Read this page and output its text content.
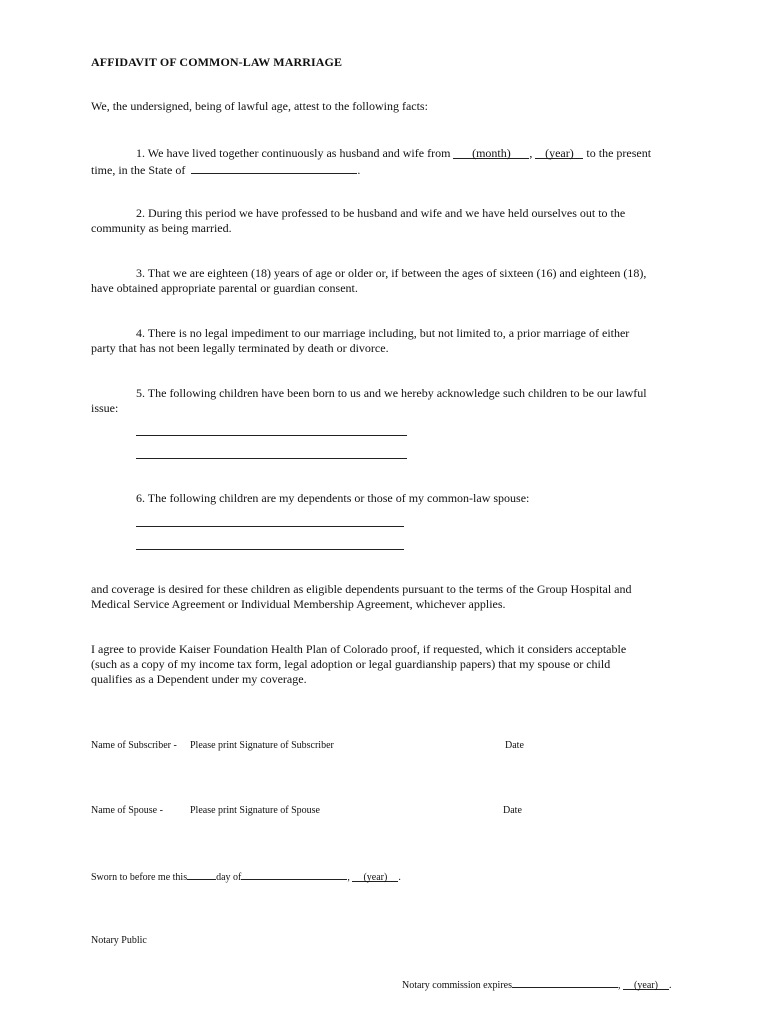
AFFIDAVIT OF COMMON-LAW MARRIAGE
We, the undersigned, being of lawful age, attest to the following facts:
1. We have lived together continuously as husband and wife from (month) , (year) to the present
time, in the State of	.
2. During this period we have professed to be husband and wife and we have held ourselves out to the
community as being married.
3. That we are eighteen (18) years of age or older or, if between the ages of sixteen (16) and eighteen (18),
have obtained appropriate parental or guardian consent.
4. There is no legal impediment to our marriage including, but not limited to, a prior marriage of either
party that has not been legally terminated by death or divorce.
5. The following children have been born to us and we hereby acknowledge such children to be our lawful
issue:
6. The following children are my dependents or those of my common-law spouse:
and coverage is desired for these children as eligible dependents pursuant to the terms of the Group Hospital and
Medical Service Agreement or Individual Membership Agreement, whichever applies.
I agree to provide Kaiser Foundation Health Plan of Colorado proof, if requested, which it considers acceptable
(such as a copy of my income tax form, legal adoption or legal guardianship papers) that my spouse or child
qualifies as a Dependent under my coverage.
Name of Subscriber - Please print Signature of Subscriber	Date
Name of Spouse -	Please print Signature of Spouse	Date
Sworn to before me this	day of	, (year) .
Notary Public
Notary commission expires	, (year) .
